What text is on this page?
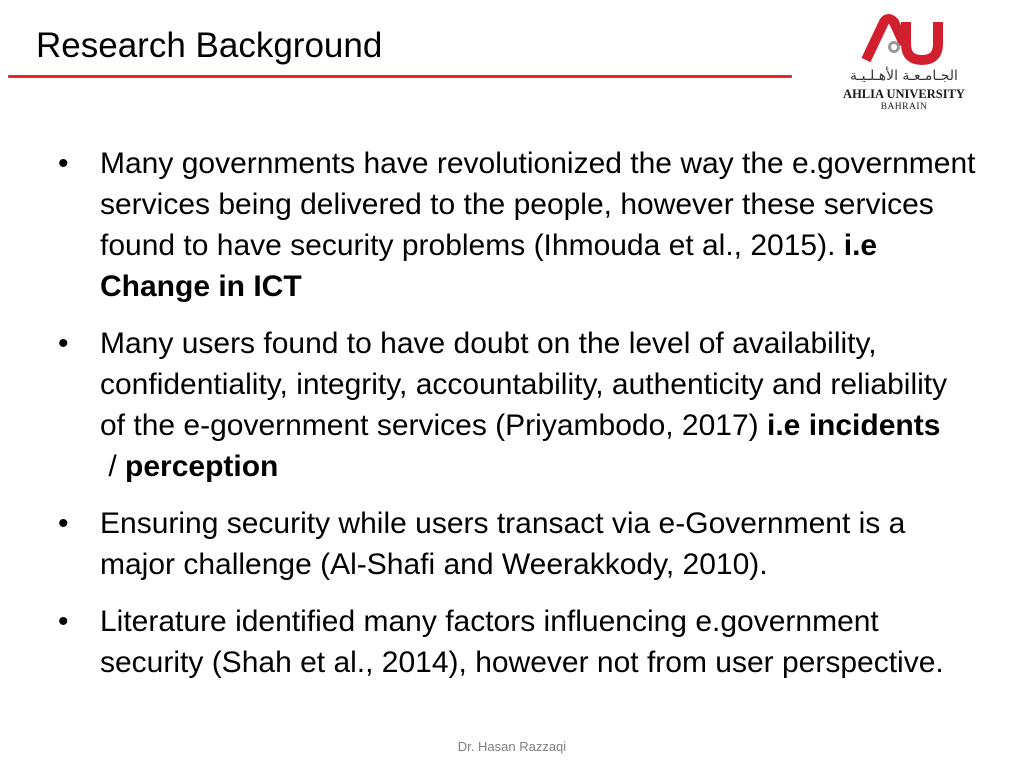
Research Background
الجـامـعـة الأهـلـيـة
AHLIA UNIVERSITY
BAHRAIN
•	Many governments have revolutionized the way the e.government services being delivered to the people, however these services found to have security problems (Ihmouda et al., 2015). i.e Change in ICT
•	Many users found to have doubt on the level of availability, confidentiality, integrity, accountability, authenticity and reliability of the e-government services (Priyambodo, 2017) i.e incidents / perception
•	Ensuring security while users transact via e-Government is a major challenge (Al-Shafi and Weerakkody, 2010).
•	Literature identified many factors influencing e.government security (Shah et al., 2014), however not from user perspective.
Dr. Hasan Razzaqi
